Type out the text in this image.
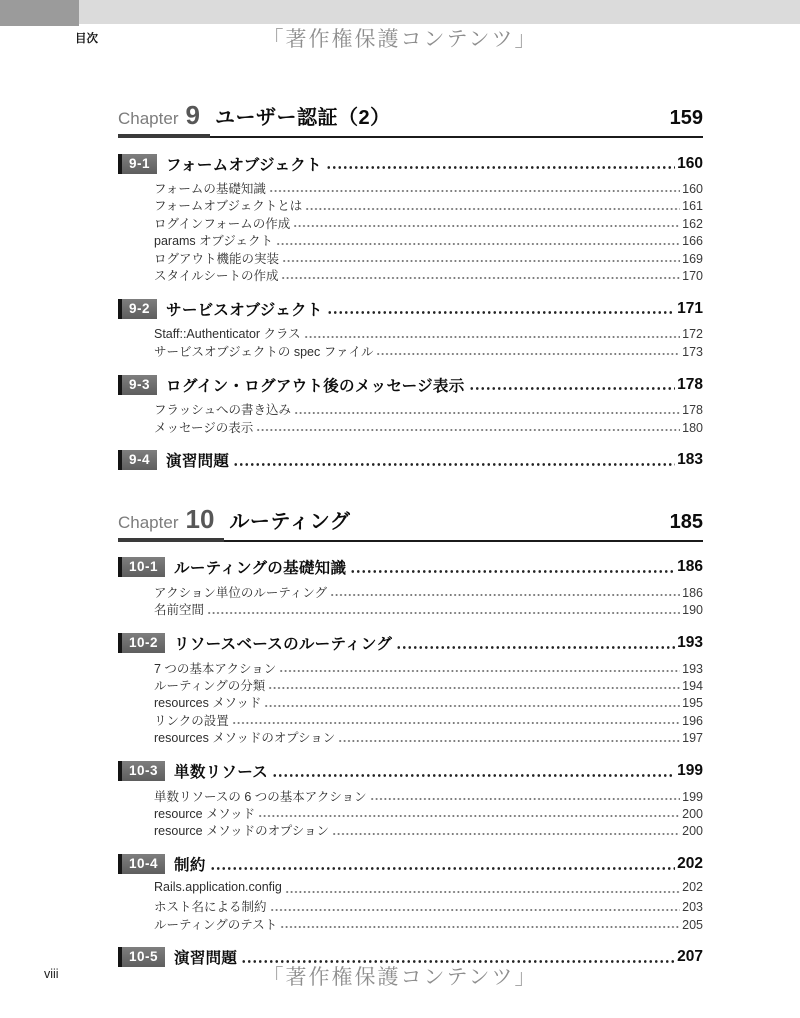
目次	「著作権保護コンテンツ」
Chapter 9 ユーザー認証（2）	159
9-1	フォームオブジェクト	160
フォームの基礎知識	160
フォームオブジェクトとは	161
ログインフォームの作成	162
params オブジェクト	166
ログアウト機能の実装	169
スタイルシートの作成	170
9-2	サービスオブジェクト	171
Staff::Authenticator クラス	172
サービスオブジェクトの spec ファイル	173
9-3	ログイン・ログアウト後のメッセージ表示	178
フラッシュへの書き込み	178
メッセージの表示	180
9-4	演習問題	183
Chapter 10 ルーティング	185
10-1	ルーティングの基礎知識	186
アクション単位のルーティング	186
名前空間	190
10-2	リソースベースのルーティング	193
7 つの基本アクション	193
ルーティングの分類	194
resources メソッド	195
リンクの設置	196
resources メソッドのオプション	197
10-3	単数リソース	199
単数リソースの 6 つの基本アクション	199
resource メソッド	200
resource メソッドのオプション	200
10-4	制約	202
Rails.application.config	202
ホスト名による制約	203
ルーティングのテスト	205
10-5	演習問題	207
viii	「著作権保護コンテンツ」
